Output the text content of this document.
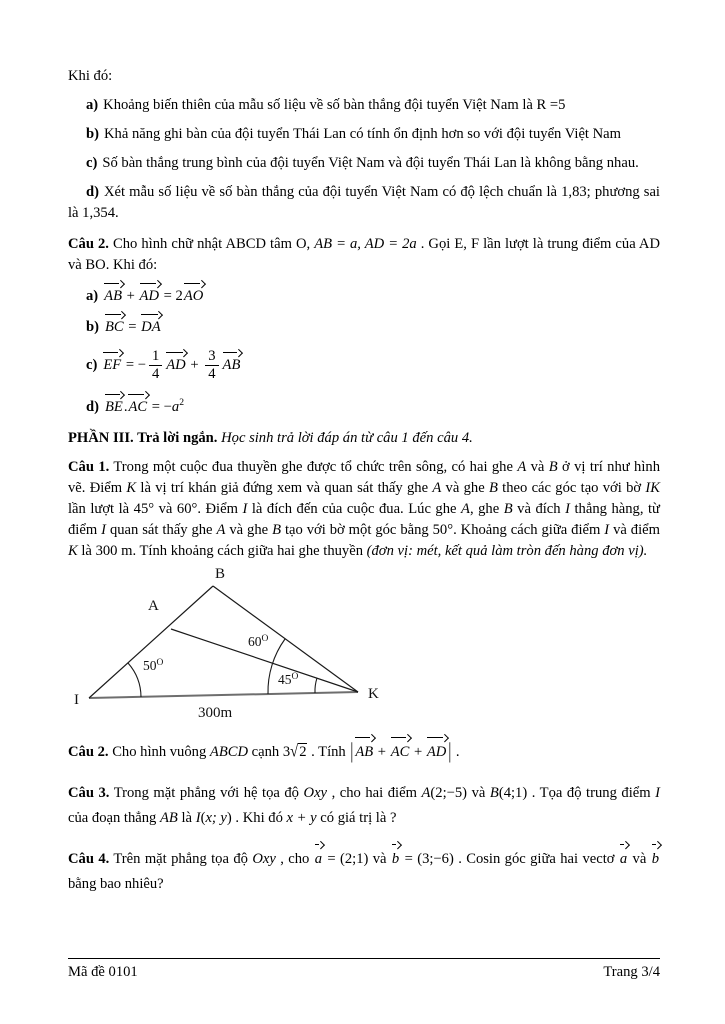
Khi đó:

a) Khoảng biến thiên của mẫu số liệu về số bàn thắng đội tuyển Việt Nam là R =5

b) Khả năng ghi bàn của đội tuyển Thái Lan có tính ổn định hơn so với đội tuyển Việt Nam

c) Số bàn thắng trung bình của đội tuyển Việt Nam và đội tuyển Thái Lan là không bằng nhau.

d) Xét mẫu số liệu về số bàn thắng của đội tuyển Việt Nam có độ lệch chuẩn là 1,83; phương sai là 1,354.

Câu 2. Cho hình chữ nhật ABCD tâm O, AB = a, AD = 2a . Gọi E, F lần lượt là trung điểm của AD và BO. Khi đó:

a) AB + AD = 2AO
b) BC = DA
c) EF = − $\frac{1}{4}$ AD + $\frac{3}{4}$ AB
d) $BE.AC = -a^2$

PHẦN III. Trả lời ngắn. Học sinh trả lời đáp án từ câu 1 đến câu 4.

Câu 1. Trong một cuộc đua thuyền ghe được tổ chức trên sông, có hai ghe A và B ở vị trí như hình vẽ. Điểm K là vị trí khán giả đứng xem và quan sát thấy ghe A và ghe B theo các góc tạo với bờ IK lần lượt là 45° và 60°. Điểm I là đích đến của cuộc đua. Lúc ghe A, ghe B và đích I thẳng hàng, từ điểm I quan sát thấy ghe A và ghe B tạo với bờ một góc bằng 50°. Khoảng cách giữa điểm I và điểm K là 300 m. Tính khoảng cách giữa hai ghe thuyền (đơn vị: mét, kết quả làm tròn đến hàng đơn vị).

B
A
I	K
$50^O$
$60^O$
$45^O$
300m

Câu 2. Cho hình vuông ABCD cạnh 3√2 . Tính | AB + AC + AD | .

Câu 3. Trong mặt phẳng với hệ tọa độ Oxy , cho hai điểm A(2;−5) và B(4;1) . Tọa độ trung điểm I của đoạn thẳng AB là I(x; y) . Khi đó x + y có giá trị là ?

Câu 4. Trên mặt phẳng tọa độ Oxy , cho a = (2;1) và b = (3;−6) . Cosin góc giữa hai vectơ a và b bằng bao nhiêu?

Mã đề 0101	Trang 3/4
